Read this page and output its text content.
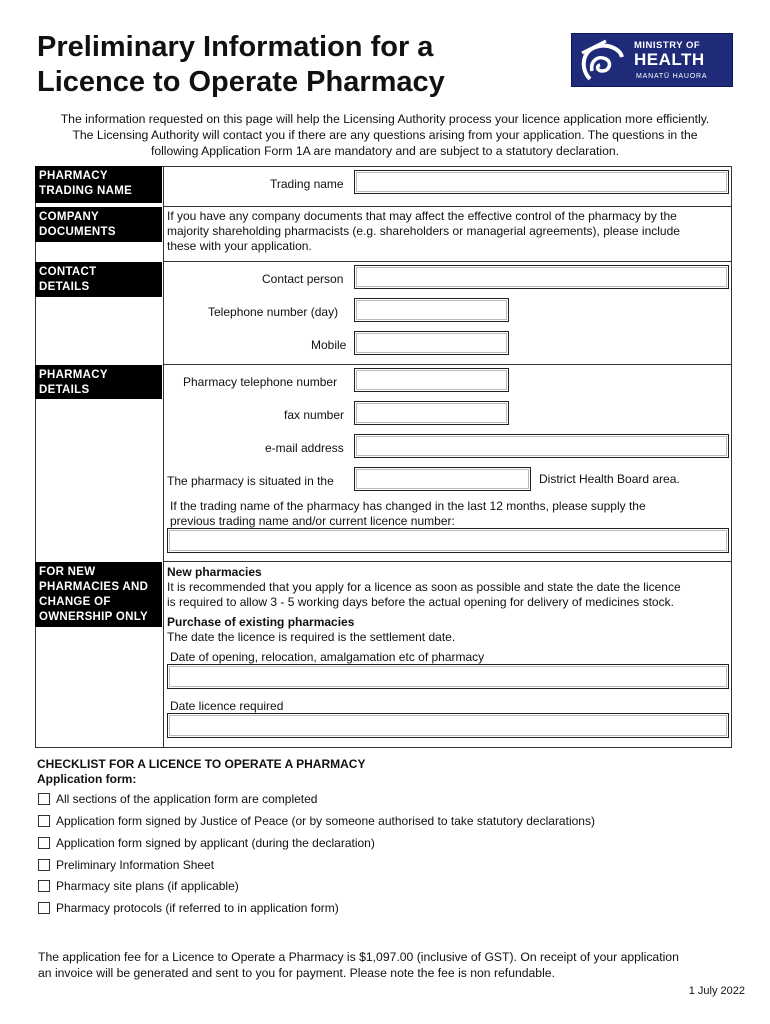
Preliminary Information for a
Licence to Operate Pharmacy
MINISTRY OF
HEALTH
MANATŪ HAUORA
The information requested on this page will help the Licensing Authority process your licence application more efficiently.
The Licensing Authority will contact you if there are any questions arising from your application. The questions in the
following Application Form 1A are mandatory and are subject to a statutory declaration.
PHARMACY
TRADING NAME
COMPANY
DOCUMENTS
CONTACT
DETAILS
PHARMACY
DETAILS
FOR NEW
PHARMACIES AND
CHANGE OF
OWNERSHIP ONLY
Trading name
If you have any company documents that may affect the effective control of the pharmacy by the
majority shareholding pharmacists (e.g. shareholders or managerial agreements), please include
these with your application.
Contact person
Telephone number (day)
Mobile
Pharmacy telephone number
fax number
e-mail address
The pharmacy is situated in the	District Health Board area.
If the trading name of the pharmacy has changed in the last 12 months, please supply the
previous trading name and/or current licence number:
New pharmacies
It is recommended that you apply for a licence as soon as possible and state the date the licence
is required to allow 3 - 5 working days before the actual opening for delivery of medicines stock.
Purchase of existing pharmacies
The date the licence is required is the settlement date.
Date of opening, relocation, amalgamation etc of pharmacy
Date licence required
CHECKLIST FOR A LICENCE TO OPERATE A PHARMACY
Application form:
All sections of the application form are completed
Application form signed by Justice of Peace (or by someone authorised to take statutory declarations)
Application form signed by applicant (during the declaration)
Preliminary Information Sheet
Pharmacy site plans (if applicable)
Pharmacy protocols (if referred to in application form)
The application fee for a Licence to Operate a Pharmacy is $1,097.00 (inclusive of GST). On receipt of your application
an invoice will be generated and sent to you for payment. Please note the fee is non refundable.
1 July 2022
